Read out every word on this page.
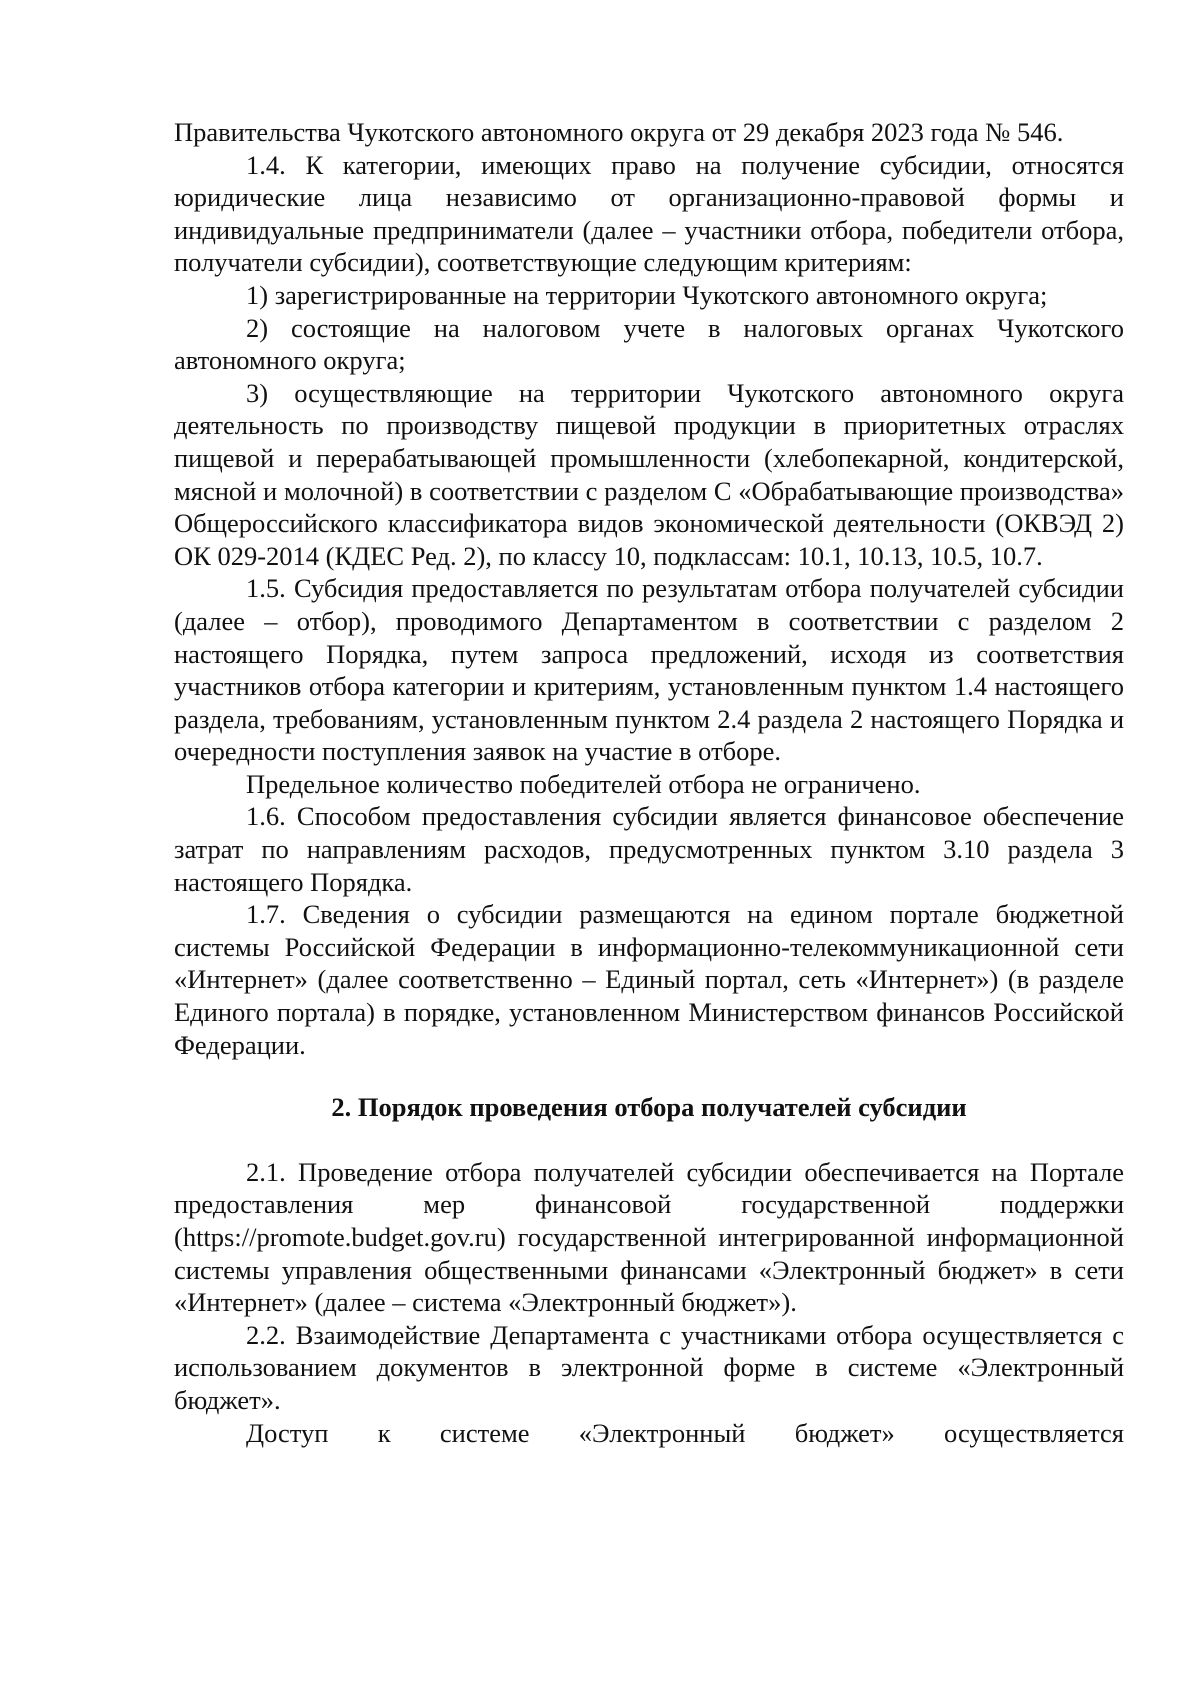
Правительства Чукотского автономного округа от 29 декабря 2023 года № 546.

1.4. К категории, имеющих право на получение субсидии, относятся юридические лица независимо от организационно-правовой формы и индивидуальные предприниматели (далее – участники отбора, победители отбора, получатели субсидии), соответствующие следующим критериям:

1) зарегистрированные на территории Чукотского автономного округа;

2) состоящие на налоговом учете в налоговых органах Чукотского автономного округа;

3) осуществляющие на территории Чукотского автономного округа деятельность по производству пищевой продукции в приоритетных отраслях пищевой и перерабатывающей промышленности (хлебопекарной, кондитерской, мясной и молочной) в соответствии с разделом С «Обрабатывающие производства» Общероссийского классификатора видов экономической деятельности (ОКВЭД 2) ОК 029-2014 (КДЕС Ред. 2), по классу 10, подклассам: 10.1, 10.13, 10.5, 10.7.

1.5. Субсидия предоставляется по результатам отбора получателей субсидии (далее – отбор), проводимого Департаментом в соответствии с разделом 2 настоящего Порядка, путем запроса предложений, исходя из соответствия участников отбора категории и критериям, установленным пунктом 1.4 настоящего раздела, требованиям, установленным пунктом 2.4 раздела 2 настоящего Порядка и очередности поступления заявок на участие в отборе.

Предельное количество победителей отбора не ограничено.

1.6. Способом предоставления субсидии является финансовое обеспечение затрат по направлениям расходов, предусмотренных пунктом 3.10 раздела 3 настоящего Порядка.

1.7. Сведения о субсидии размещаются на едином портале бюджетной системы Российской Федерации в информационно-телекоммуникационной сети «Интернет» (далее соответственно – Единый портал, сеть «Интернет») (в разделе Единого портала) в порядке, установленном Министерством финансов Российской Федерации.

2. Порядок проведения отбора получателей субсидии

2.1. Проведение отбора получателей субсидии обеспечивается на Портале предоставления мер финансовой государственной поддержки (https://promote.budget.gov.ru) государственной интегрированной информационной системы управления общественными финансами «Электронный бюджет» в сети «Интернет» (далее – система «Электронный бюджет»).

2.2. Взаимодействие Департамента с участниками отбора осуществляется с использованием документов в электронной форме в системе «Электронный бюджет».

Доступ к системе «Электронный бюджет» осуществляется
